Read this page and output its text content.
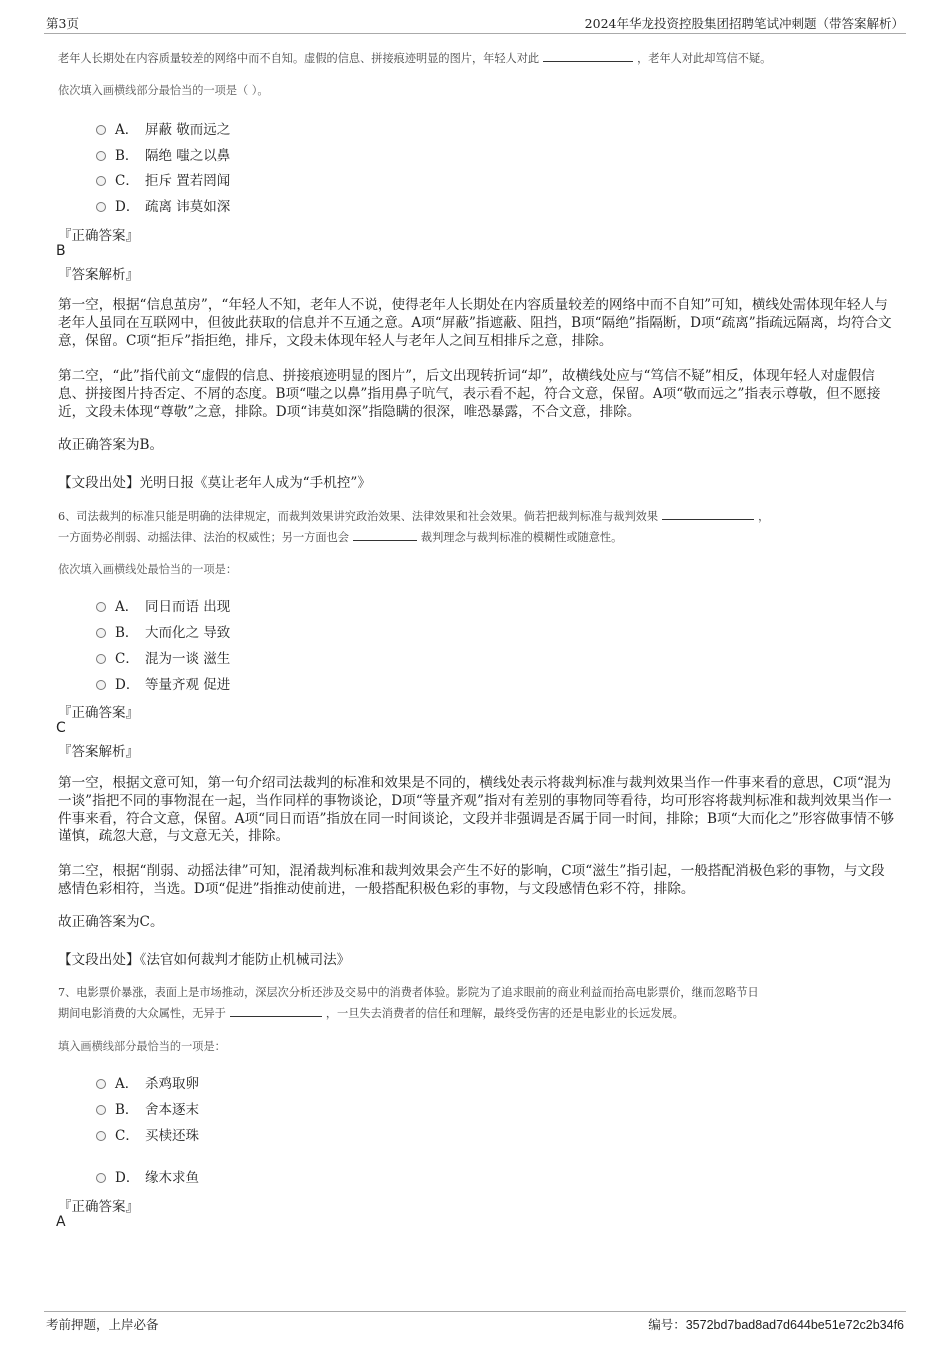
第3页	2024年华龙投资控股集团招聘笔试冲刺题（带答案解析）
老年人长期处在内容质量较差的网络中而不自知。虚假的信息、拼接痕迹明显的图片，年轻人对此	，老年人对此却笃信不疑。
依次填入画横线部分最恰当的一项是（ ）。
A． 屏蔽 敬而远之
B． 隔绝 嗤之以鼻
C． 拒斥 置若罔闻
D． 疏离 讳莫如深
『正确答案』
B
『答案解析』
第一空，根据“信息茧房”，“年轻人不知，老年人不说，使得老年人长期处在内容质量较差的网络中而不自知”可知，横线处需体现年轻人与老年人虽同在互联网中，但彼此获取的信息并不互通之意。A项“屏蔽”指遮蔽、阻挡，B项“隔绝”指隔断，D项“疏离”指疏远隔离，均符合文意，保留。C项“拒斥”指拒绝，排斥，文段未体现年轻人与老年人之间互相排斥之意，排除。
第二空，“此”指代前文“虚假的信息、拼接痕迹明显的图片”，后文出现转折词“却”，故横线处应与“笃信不疑”相反，体现年轻人对虚假信息、拼接图片持否定、不屑的态度。B项“嗤之以鼻”指用鼻子吭气，表示看不起，符合文意，保留。A项“敬而远之”指表示尊敬，但不愿接近，文段未体现“尊敬”之意，排除。D项“讳莫如深”指隐瞒的很深，唯恐暴露，不合文意，排除。
故正确答案为B。
【文段出处】光明日报《莫让老年人成为“手机控”》
6、司法裁判的标准只能是明确的法律规定，而裁判效果讲究政治效果、法律效果和社会效果。倘若把裁判标准与裁判效果	，
一方面势必削弱、动摇法律、法治的权威性；另一方面也会	裁判理念与裁判标准的模糊性或随意性。
依次填入画横线处最恰当的一项是：
A． 同日而语 出现
B． 大而化之 导致
C． 混为一谈 滋生
D． 等量齐观 促进
『正确答案』
C
『答案解析』
第一空，根据文意可知，第一句介绍司法裁判的标准和效果是不同的，横线处表示将裁判标准与裁判效果当作一件事来看的意思，C项“混为一谈”指把不同的事物混在一起，当作同样的事物谈论，D项“等量齐观”指对有差别的事物同等看待，均可形容将裁判标准和裁判效果当作一件事来看，符合文意，保留。A项“同日而语”指放在同一时间谈论，文段并非强调是否属于同一时间，排除；B项“大而化之”形容做事情不够谨慎，疏忽大意，与文意无关，排除。
第二空，根据“削弱、动摇法律”可知，混淆裁判标准和裁判效果会产生不好的影响，C项“滋生”指引起，一般搭配消极色彩的事物，与文段感情色彩相符，当选。D项“促进”指推动使前进，一般搭配积极色彩的事物，与文段感情色彩不符，排除。
故正确答案为C。
【文段出处】《法官如何裁判才能防止机械司法》
7、电影票价暴涨，表面上是市场推动，深层次分析还涉及交易中的消费者体验。影院为了追求眼前的商业利益而抬高电影票价，继而忽略节日
期间电影消费的大众属性，无异于	，一旦失去消费者的信任和理解，最终受伤害的还是电影业的长远发展。
填入画横线部分最恰当的一项是：
A． 杀鸡取卵
B． 舍本逐末
C． 买椟还珠
D． 缘木求鱼
『正确答案』
A
考前押题，上岸必备	编号：3572bd7bad8ad7d644be51e72c2b34f6
